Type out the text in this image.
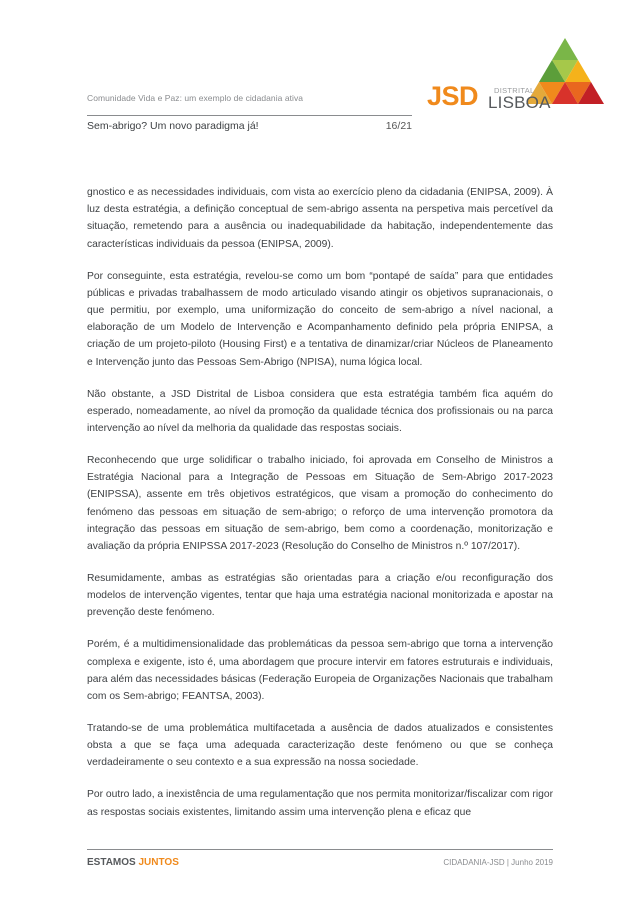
Comunidade Vida e Paz: um exemplo de cidadania ativa
Sem-abrigo? Um novo paradigma já!	16/21
JSD DISTRITAL
LISBOA

gnostico e as necessidades individuais, com vista ao exercício pleno da cidadania (ENIPSA, 2009). À luz desta estratégia, a definição conceptual de sem-abrigo assenta na perspetiva mais percetível da situação, remetendo para a ausência ou inadequabilidade da habitação, independentemente das características individuais da pessoa (ENIPSA, 2009).

Por conseguinte, esta estratégia, revelou-se como um bom “pontapé de saída” para que entidades públicas e privadas trabalhassem de modo articulado visando atingir os objetivos supranacionais, o que permitiu, por exemplo, uma uniformização do conceito de sem-abrigo a nível nacional, a elaboração de um Modelo de Intervenção e Acompanhamento definido pela própria ENIPSA, a criação de um projeto-piloto (Housing First) e a tentativa de dinamizar/criar Núcleos de Planeamento e Intervenção junto das Pessoas Sem-Abrigo (NPISA), numa lógica local.

Não obstante, a JSD Distrital de Lisboa considera que esta estratégia também fica aquém do esperado, nomeadamente, ao nível da promoção da qualidade técnica dos profissionais ou na parca intervenção ao nível da melhoria da qualidade das respostas sociais.

Reconhecendo que urge solidificar o trabalho iniciado, foi aprovada em Conselho de Ministros a Estratégia Nacional para a Integração de Pessoas em Situação de Sem-Abrigo 2017-2023 (ENIPSSA), assente em três objetivos estratégicos, que visam a promoção do conhecimento do fenómeno das pessoas em situação de sem-abrigo; o reforço de uma intervenção promotora da integração das pessoas em situação de sem-abrigo, bem como a coordenação, monitorização e avaliação da própria ENIPSSA 2017-2023 (Resolução do Conselho de Ministros n.º 107/2017).

Resumidamente, ambas as estratégias são orientadas para a criação e/ou reconfiguração dos modelos de intervenção vigentes, tentar que haja uma estratégia nacional monitorizada e apostar na prevenção deste fenómeno.

Porém, é a multidimensionalidade das problemáticas da pessoa sem-abrigo que torna a intervenção complexa e exigente, isto é, uma abordagem que procure intervir em fatores estruturais e individuais, para além das necessidades básicas (Federação Europeia de Organizações Nacionais que trabalham com os Sem-abrigo; FEANTSA, 2003).

Tratando-se de uma problemática multifacetada a ausência de dados atualizados e consistentes obsta a que se faça uma adequada caracterização deste fenómeno ou que se conheça verdadeiramente o seu contexto e a sua expressão na nossa sociedade.

Por outro lado, a inexistência de uma regulamentação que nos permita monitorizar/fiscalizar com rigor as respostas sociais existentes, limitando assim uma intervenção plena e eficaz que

ESTAMOS JUNTOS	CIDADANIA-JSD | Junho 2019
